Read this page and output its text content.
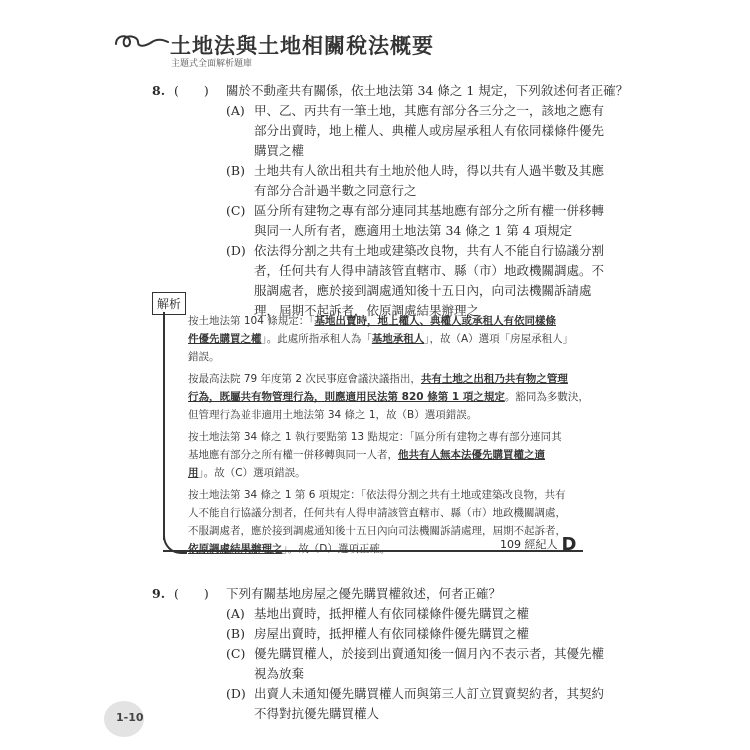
土地法與土地相關稅法概要
主題式全面解析題庫
8. (　　) 關於不動產共有關係，依土地法第 34 條之 1 規定，下列敘述何者正確？
(A) 甲、乙、丙共有一筆土地，其應有部分各三分之一，該地之應有
部分出賣時，地上權人、典權人或房屋承租人有依同樣條件優先
購買之權
(B) 土地共有人欲出租共有土地於他人時，得以共有人過半數及其應
有部分合計過半數之同意行之
(C) 區分所有建物之專有部分連同其基地應有部分之所有權一併移轉
與同一人所有者，應適用土地法第 34 條之 1 第 4 項規定
(D) 依法得分割之共有土地或建築改良物，共有人不能自行協議分割
者，任何共有人得申請該管直轄市、縣（市）地政機關調處。不
服調處者，應於接到調處通知後十五日內，向司法機關訴請處
理，屆期不起訴者，依原調處結果辦理之
解析
按土地法第 104 條規定：「基地出賣時，地上權人、典權人或承租人有依同樣條
件優先購買之權」。此處所指承租人為「基地承租人」，故（A）選項「房屋承租人」
錯誤。
按最高法院 79 年度第 2 次民事庭會議決議指出，共有土地之出租乃共有物之管理
行為，既屬共有物管理行為，則應適用民法第 820 條第 1 項之規定。豁同為多數決，
但管理行為並非適用土地法第 34 條之 1，故（B）選項錯誤。
按土地法第 34 條之 1 執行要點第 13 點規定：「區分所有建物之專有部分連同其
基地應有部分之所有權一併移轉與同一人者，他共有人無本法優先購買權之適
用」。故（C）選項錯誤。
按土地法第 34 條之 1 第 6 項規定：「依法得分割之共有土地或建築改良物，共有
人不能自行協議分割者，任何共有人得申請該管直轄市、縣（市）地政機關調處，
不服調處者，應於接到調處通知後十五日內向司法機關訴請處理，屆期不起訴者，
依原調處結果辦理之」。故（D）選項正確。	109 經紀人 D
9. (　　) 下列有關基地房屋之優先購買權敘述，何者正確？
(A) 基地出賣時，抵押權人有依同樣條件優先購買之權
(B) 房屋出賣時，抵押權人有依同樣條件優先購買之權
(C) 優先購買權人，於接到出賣通知後一個月內不表示者，其優先權
視為放棄
(D) 出賣人未通知優先購買權人而與第三人訂立買賣契約者，其契約
不得對抗優先購買權人
1-10
